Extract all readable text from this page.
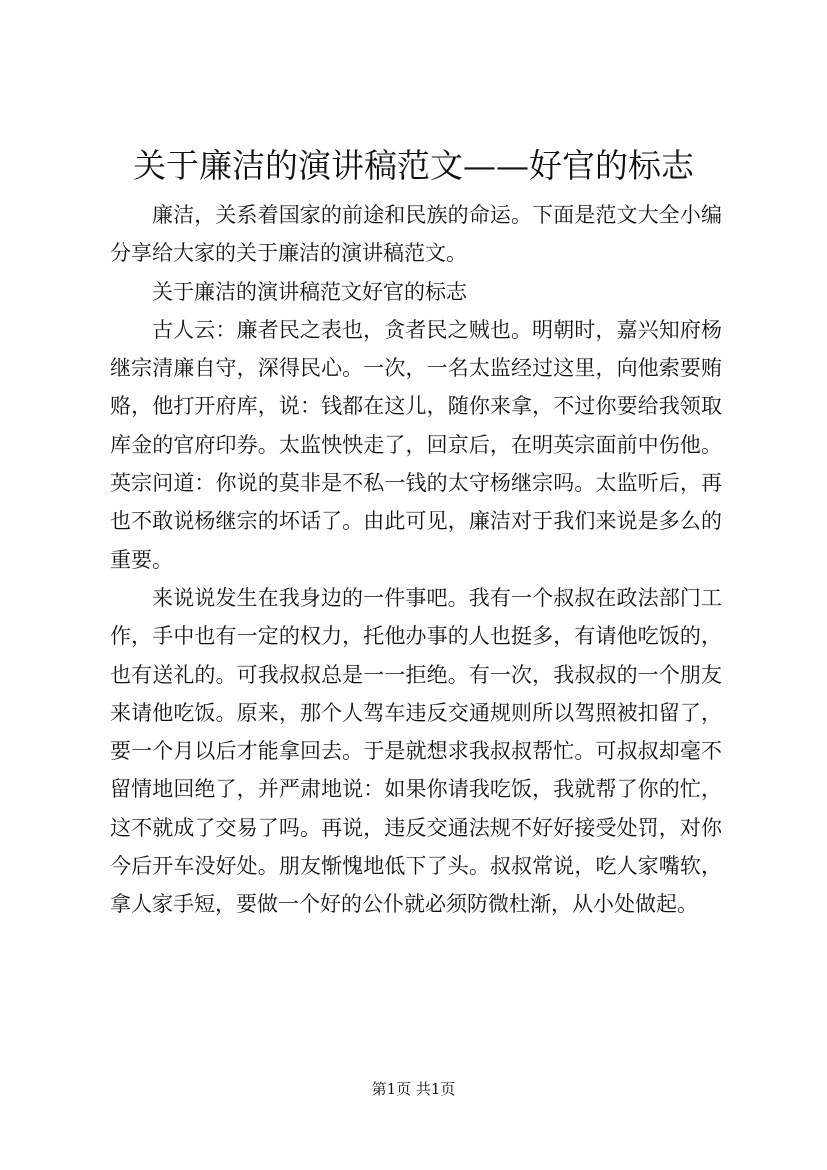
关于廉洁的演讲稿范文——好官的标志

廉洁，关系着国家的前途和民族的命运。下面是范文大全小编分享给大家的关于廉洁的演讲稿范文。

关于廉洁的演讲稿范文好官的标志

古人云：廉者民之表也，贪者民之贼也。明朝时，嘉兴知府杨继宗清廉自守，深得民心。一次，一名太监经过这里，向他索要贿赂，他打开府库，说：钱都在这儿，随你来拿，不过你要给我领取库金的官府印券。太监怏怏走了，回京后，在明英宗面前中伤他。英宗问道：你说的莫非是不私一钱的太守杨继宗吗。太监听后，再也不敢说杨继宗的坏话了。由此可见，廉洁对于我们来说是多么的重要。

来说说发生在我身边的一件事吧。我有一个叔叔在政法部门工作，手中也有一定的权力，托他办事的人也挺多，有请他吃饭的，也有送礼的。可我叔叔总是一一拒绝。有一次，我叔叔的一个朋友来请他吃饭。原来，那个人驾车违反交通规则所以驾照被扣留了，要一个月以后才能拿回去。于是就想求我叔叔帮忙。可叔叔却毫不留情地回绝了，并严肃地说：如果你请我吃饭，我就帮了你的忙，这不就成了交易了吗。再说，违反交通法规不好好接受处罚，对你今后开车没好处。朋友惭愧地低下了头。叔叔常说，吃人家嘴软，拿人家手短，要做一个好的公仆就必须防微杜渐，从小处做起。

第1页 共1页
